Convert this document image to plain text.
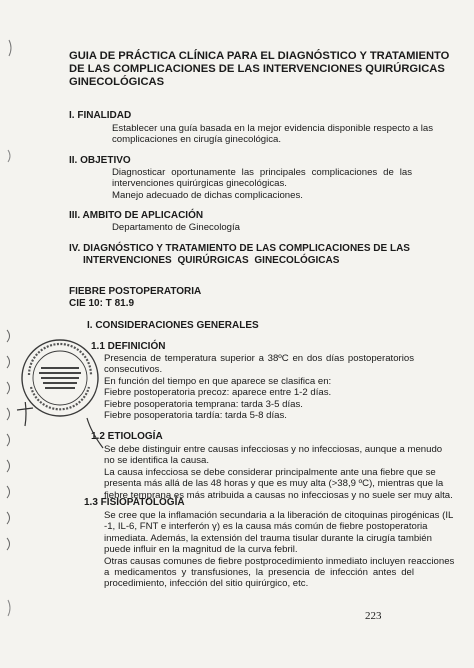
GUIA DE PRÁCTICA CLÍNICA PARA EL DIAGNÓSTICO Y TRATAMIENTO
DE LAS COMPLICACIONES DE LAS INTERVENCIONES QUIRÚRGICAS
GINECOLÓGICAS
I. FINALIDAD
Establecer una guía basada en la mejor evidencia disponible respecto a las
complicaciones en cirugía ginecológica.
II. OBJETIVO
Diagnosticar oportunamente las principales complicaciones de las
intervenciones quirúrgicas ginecológicas.
Manejo adecuado de dichas complicaciones.
III. AMBITO DE APLICACIÓN
Departamento de Ginecología
IV. DIAGNÓSTICO Y TRATAMIENTO DE LAS COMPLICACIONES DE LAS
INTERVENCIONES QUIRÚRGICAS GINECOLÓGICAS
FIEBRE POSTOPERATORIA
CIE 10: T 81.9
I. CONSIDERACIONES GENERALES
1.1 DEFINICIÓN
Presencia de temperatura superior a 38ºC en dos días postoperatorios
consecutivos.
En función del tiempo en que aparece se clasifica en:
Fiebre postoperatoria precoz: aparece entre 1-2 días.
Fiebre posoperatoria temprana: tarda 3-5 días.
Fiebre posoperatoria tardía: tarda 5-8 días.
1.2 ETIOLOGÍA
Se debe distinguir entre causas infecciosas y no infecciosas, aunque a menudo
no se identifica la causa.
La causa infecciosa se debe considerar principalmente ante una fiebre que se
presenta más allá de las 48 horas y que es muy alta (>38,9 ºC), mientras que la
fiebre temprana es más atribuida a causas no infecciosas y no suele ser muy alta.
1.3 FISIOPATOLOGÍA
Se cree que la inflamación secundaria a la liberación de citoquinas pirogénicas (IL
-1, IL-6, FNT e interferón γ) es la causa más común de fiebre postoperatoria
inmediata. Además, la extensión del trauma tisular durante la cirugía también
puede influir en la magnitud de la curva febril.
Otras causas comunes de fiebre postprocedimiento inmediato incluyen reacciones
a medicamentos y transfusiones, la presencia de infección antes del
procedimiento, infección del sitio quirúrgico, etc.
223
